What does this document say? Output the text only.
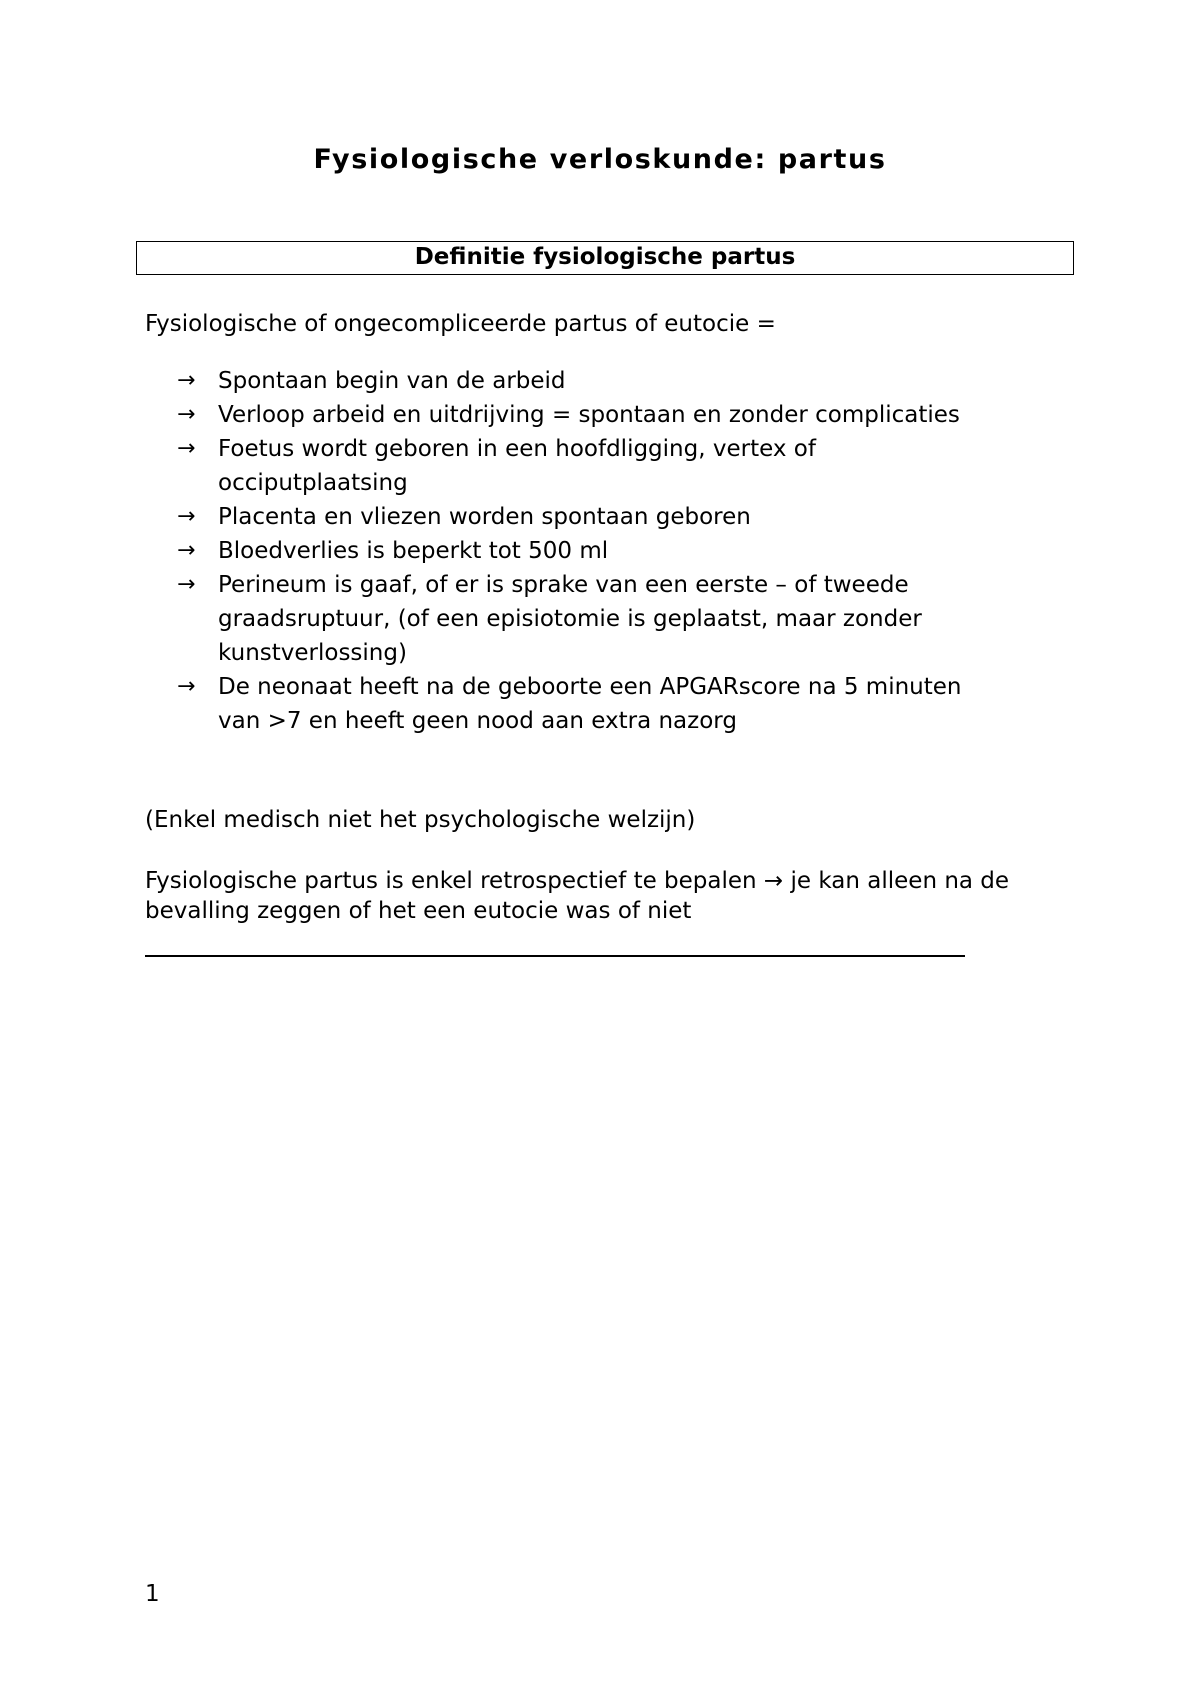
Fysiologische verloskunde: partus
Definitie fysiologische partus
Fysiologische of ongecompliceerde partus of eutocie =
→ Spontaan begin van de arbeid
→ Verloop arbeid en uitdrijving = spontaan en zonder complicaties
→ Foetus wordt geboren in een hoofdligging, vertex of occiputplaatsing
→ Placenta en vliezen worden spontaan geboren
→ Bloedverlies is beperkt tot 500 ml
→ Perineum is gaaf, of er is sprake van een eerste – of tweede graadsruptuur, (of een episiotomie is geplaatst, maar zonder kunstverlossing)
→ De neonaat heeft na de geboorte een APGARscore na 5 minuten van >7 en heeft geen nood aan extra nazorg
(Enkel medisch niet het psychologische welzijn)
Fysiologische partus is enkel retrospectief te bepalen → je kan alleen na de bevalling zeggen of het een eutocie was of niet
1
